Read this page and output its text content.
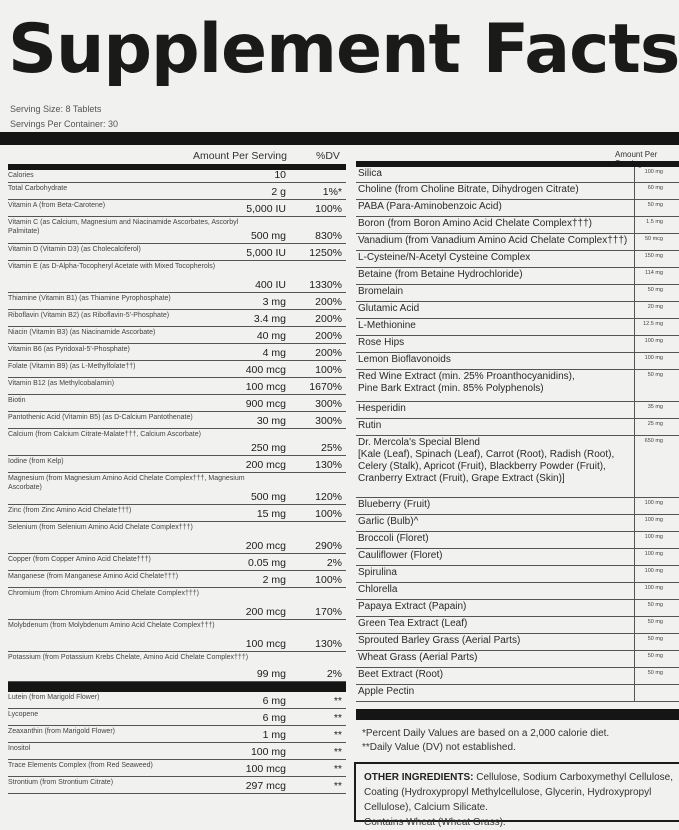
Supplement Facts
Serving Size: 8 Tablets
Servings Per Container: 30
Amount Per Serving	%DV
Calories	10
Total Carbohydrate	2 g	1%*
Vitamin A (from Beta-Carotene)	5,000 IU	100%
Vitamin C (as Calcium, Magnesium and Niacinamide Ascorbates, Ascorbyl Palmitate)	500 mg	830%
Vitamin D (Vitamin D3) (as Cholecalciferol)	5,000 IU 1250%
Vitamin E (as D-Alpha-Tocopheryl Acetate with Mixed Tocopherols)
400 IU 1330%
Thiamine (Vitamin B1) (as Thiamine Pyrophosphate)	3 mg	200%
Riboflavin (Vitamin B2) (as Riboflavin-5'-Phosphate)	3.4 mg	200%
Niacin (Vitamin B3) (as Niacinamide Ascorbate)	40 mg	200%
Vitamin B6 (as Pyridoxal-5'-Phosphate)	4 mg	200%
Folate (Vitamin B9) (as L-Methylfolate††)	400 mcg	100%
Vitamin B12 (as Methylcobalamin)	100 mcg 1670%
Biotin	900 mcg	300%
Pantothenic Acid (Vitamin B5) (as D-Calcium Pantothenate)	30 mg	300%
Calcium (from Calcium Citrate-Malate†††, Calcium Ascorbate)
250 mg	25%
Iodine (from Kelp)	200 mcg	130%
Magnesium (from Magnesium Amino Acid Chelate Complex†††, Magnesium Ascorbate)
500 mg	120%
Zinc (from Zinc Amino Acid Chelate†††)	15 mg	100%
Selenium (from Selenium Amino Acid Chelate Complex†††)
200 mcg	290%
Copper (from Copper Amino Acid Chelate†††)	0.05 mg	2%
Manganese (from Manganese Amino Acid Chelate†††)	2 mg	100%
Chromium (from Chromium Amino Acid Chelate Complex†††)
200 mcg	170%
Molybdenum (from Molybdenum Amino Acid Chelate Complex†††)
100 mcg	130%
Potassium (from Potassium Krebs Chelate, Amino Acid Chelate Complex†††)
99 mg	2%
Lutein (from Marigold Flower)	6 mg	**
Lycopene	6 mg	**
Zeaxanthin (from Marigold Flower)	1 mg	**
Inositol	100 mg	**
Trace Elements Complex (from Red Seaweed)	100 mcg	**
Strontium (from Strontium Citrate)	297 mcg	**
Amount Per
Silica	100 mg
Choline (from Choline Bitrate, Dihydrogen Citrate)	60 mg
PABA (Para-Aminobenzoic Acid)	50 mg
Boron (from Boron Amino Acid Chelate Complex†††)	1.5 mg
Vanadium (from Vanadium Amino Acid Chelate Complex†††)	50 mcg
L-Cysteine/N-Acetyl Cysteine Complex	150 mg
Betaine (from Betaine Hydrochloride)	114 mg
Bromelain	50 mg
Glutamic Acid	20 mg
L-Methionine	12.5 mg
Rose Hips	100 mg
Lemon Bioflavonoids	100 mg
Red Wine Extract (min. 25% Proanthocyanidins),
Pine Bark Extract (min. 85% Polyphenols)
50 mg
Hesperidin	35 mg
Rutin	25 mg
Dr. Mercola's Special Blend
[Kale (Leaf), Spinach (Leaf), Carrot (Root), Radish (Root),
Celery (Stalk), Apricot (Fruit), Blackberry Powder (Fruit),
Cranberry Extract (Fruit), Grape Extract (Skin)]
650 mg
Blueberry (Fruit)	100 mg
Garlic (Bulb)^	100 mg
Broccoli (Floret)	100 mg
Cauliflower (Floret)	100 mg
Spirulina	100 mg
Chlorella	100 mg
Papaya Extract (Papain)	50 mg
Green Tea Extract (Leaf)	50 mg
Sprouted Barley Grass (Aerial Parts)	50 mg
Wheat Grass (Aerial Parts)	50 mg
Beet Extract (Root)	50 mg
Apple Pectin
*Percent Daily Values are based on a 2,000 calorie diet.
**Daily Value (DV) not established.
OTHER INGREDIENTS: Cellulose, Sodium Carboxymethyl Cellulose, Coating (Hydroxypropyl Methylcellulose, Glycerin, Hydroxypropyl Cellulose), Calcium Silicate.
Contains Wheat (Wheat Grass).
